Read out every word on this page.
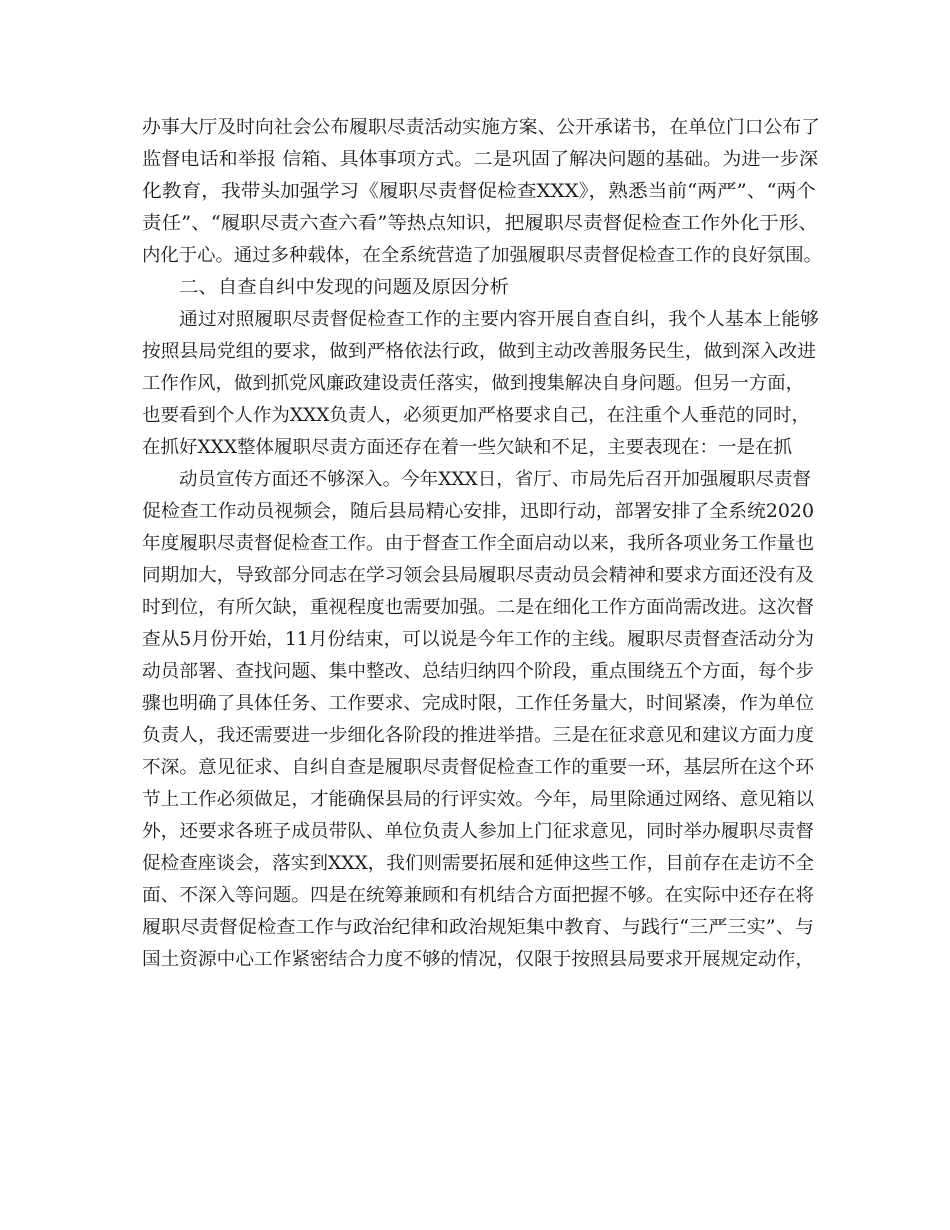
办事大厅及时向社会公布履职尽责活动实施方案、公开承诺书，在单位门口公布了
监督电话和举报 信箱、具体事项方式。二是巩固了解决问题的基础。为进一步深
化教育，我带头加强学习《履职尽责督促检查XXX》，熟悉当前“两严”、“两个
责任”、“履职尽责六查六看”等热点知识，把履职尽责督促检查工作外化于形、
内化于心。通过多种载体，在全系统营造了加强履职尽责督促检查工作的良好氛围。
二、自查自纠中发现的问题及原因分析
通过对照履职尽责督促检查工作的主要内容开展自查自纠，我个人基本上能够
按照县局党组的要求，做到严格依法行政，做到主动改善服务民生，做到深入改进
工作作风，做到抓党风廉政建设责任落实，做到搜集解决自身问题。但另一方面，
也要看到个人作为XXX负责人，必须更加严格要求自己，在注重个人垂范的同时，
在抓好XXX整体履职尽责方面还存在着一些欠缺和不足，主要表现在：一是在抓
动员宣传方面还不够深入。今年XXX日，省厅、市局先后召开加强履职尽责督
促检查工作动员视频会，随后县局精心安排，迅即行动，部署安排了全系统2020
年度履职尽责督促检查工作。由于督查工作全面启动以来，我所各项业务工作量也
同期加大，导致部分同志在学习领会县局履职尽责动员会精神和要求方面还没有及
时到位，有所欠缺，重视程度也需要加强。二是在细化工作方面尚需改进。这次督
查从5月份开始，11月份结束，可以说是今年工作的主线。履职尽责督查活动分为
动员部署、查找问题、集中整改、总结归纳四个阶段，重点围绕五个方面，每个步
骤也明确了具体任务、工作要求、完成时限，工作任务量大，时间紧凑，作为单位
负责人，我还需要进一步细化各阶段的推进举措。三是在征求意见和建议方面力度
不深。意见征求、自纠自查是履职尽责督促检查工作的重要一环，基层所在这个环
节上工作必须做足，才能确保县局的行评实效。今年，局里除通过网络、意见箱以
外，还要求各班子成员带队、单位负责人参加上门征求意见，同时举办履职尽责督
促检查座谈会，落实到XXX，我们则需要拓展和延伸这些工作，目前存在走访不全
面、不深入等问题。四是在统筹兼顾和有机结合方面把握不够。在实际中还存在将
履职尽责督促检查工作与政治纪律和政治规矩集中教育、与践行“三严三实”、与
国土资源中心工作紧密结合力度不够的情况，仅限于按照县局要求开展规定动作，
